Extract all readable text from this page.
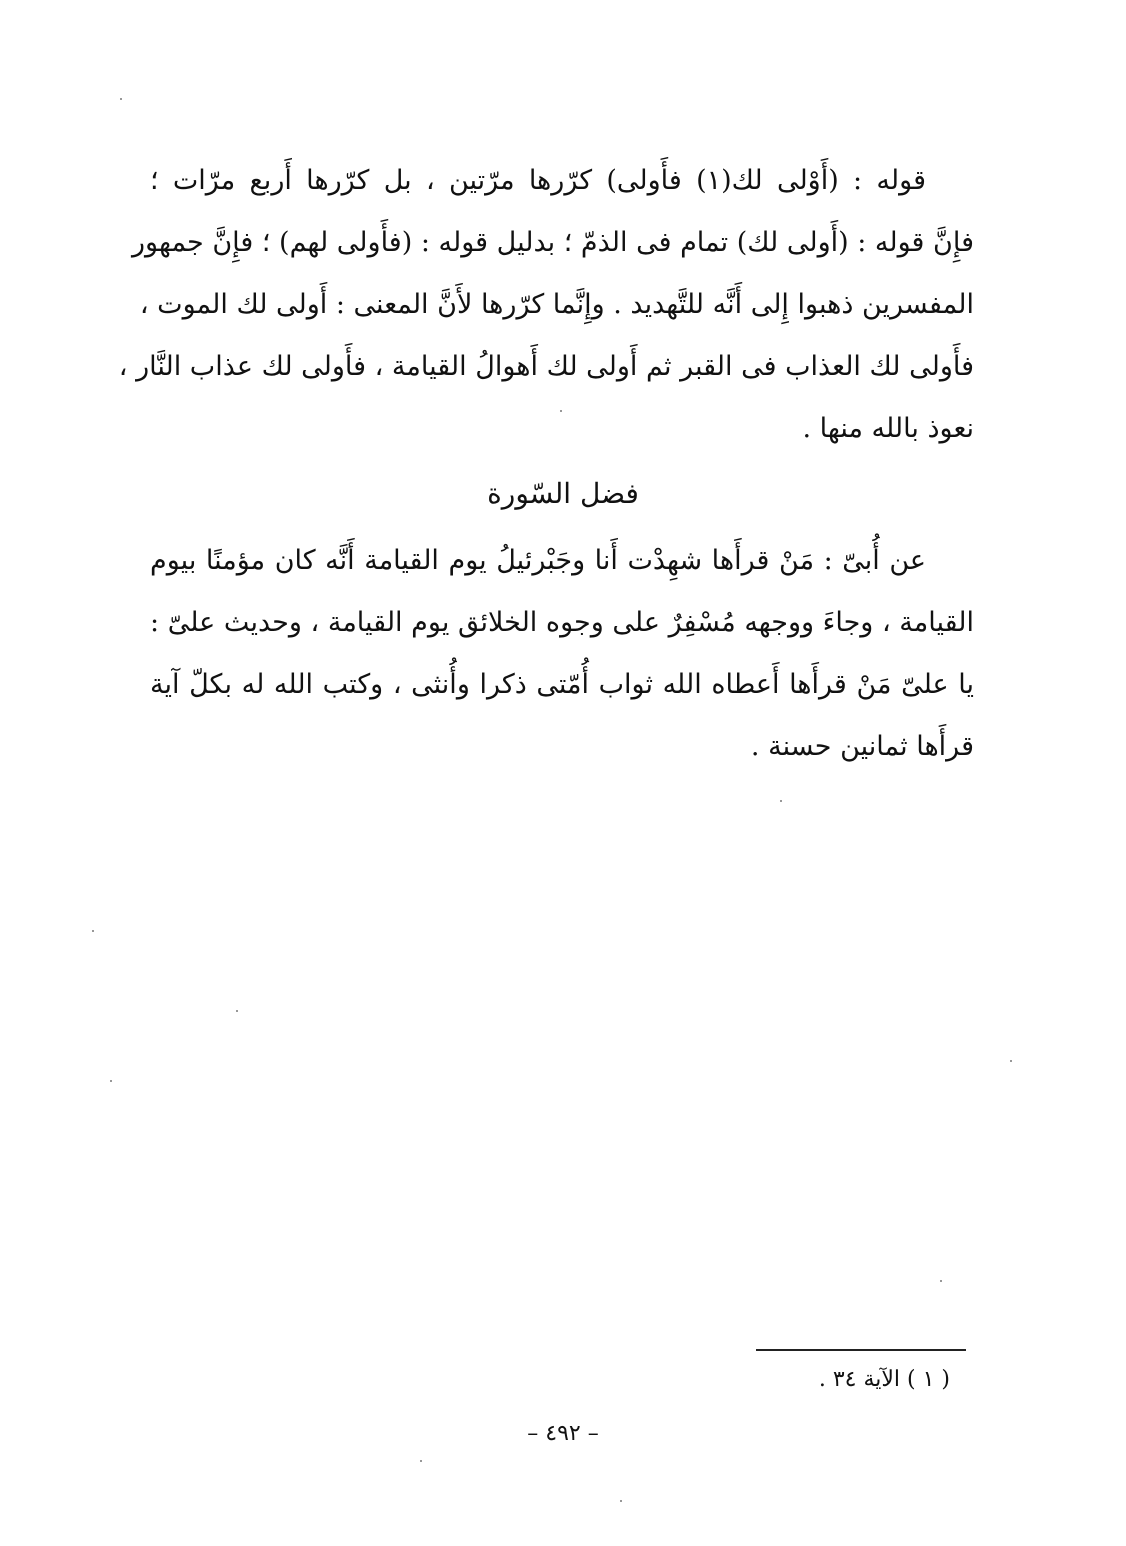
قوله : (أَوْلى لك(١) فأَولى) كرّرها مرّتين ، بل كرّرها أَربع مرّات ؛
فإِنَّ قوله : (أَولى لك) تمام فى الذمّ ؛ بدليل قوله : (فأَولى لهم) ؛ فإِنَّ جمهور
المفسرين ذهبوا إِلى أَنَّه للتَّهديد . وإِنَّما كرّرها لأَنَّ المعنى : أَولى لك الموت ،
فأَولى لك العذاب فى القبر ثم أَولى لك أَهوالُ القيامة ، فأَولى لك عذاب النَّار ،
نعوذ بالله منها .
فضل السّورة
عن أُبىّ : مَنْ قرأَها شهِدْت أَنا وجَبْرئيلُ يوم القيامة أَنَّه كان مؤمنًا بيوم
القيامة ، وجاءَ ووجهه مُسْفِرٌ على وجوه الخلائق يوم القيامة ، وحديث علىّ :
يا علىّ مَنْ قرأَها أَعطاه الله ثواب أُمّتى ذكرا وأُنثى ، وكتب الله له بكلّ آية
قرأَها ثمانين حسنة .
( ١ ) الآية ٣٤ .
– ٤٩٢ –
